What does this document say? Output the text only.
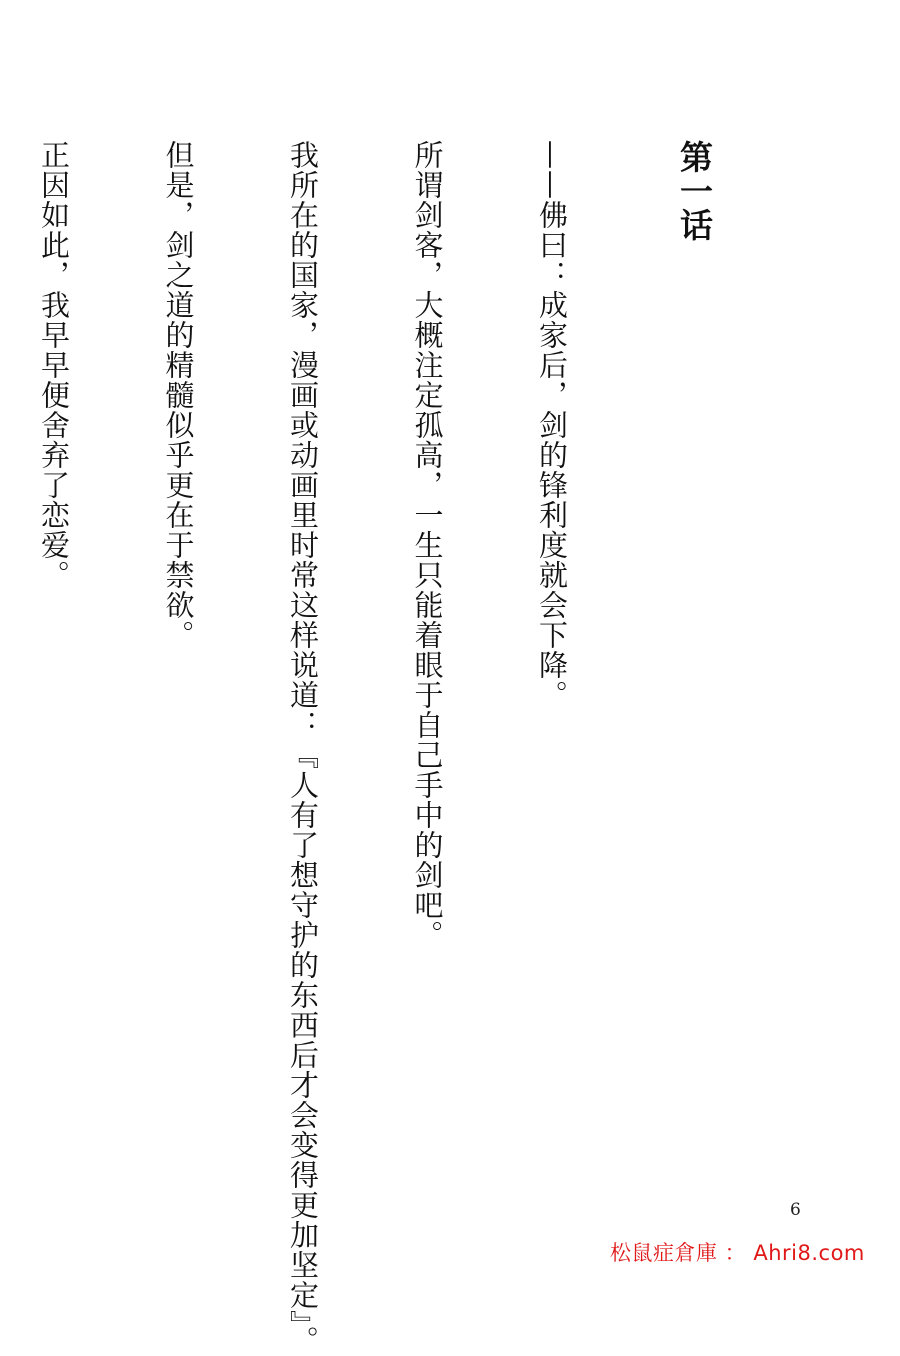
第一话

——佛曰：成家后，剑的锋利度就会下降。

所谓剑客，大概注定孤高，一生只能着眼于自己手中的剑吧。

我所在的国家，漫画或动画里时常这样说道：『人有了想守护的东西后才会变得更加坚定』。

但是，剑之道的精髓似乎更在于禁欲。

正因如此，我早早便舍弃了恋爱。

6
松鼠症倉庫 ： Ahri8.com
